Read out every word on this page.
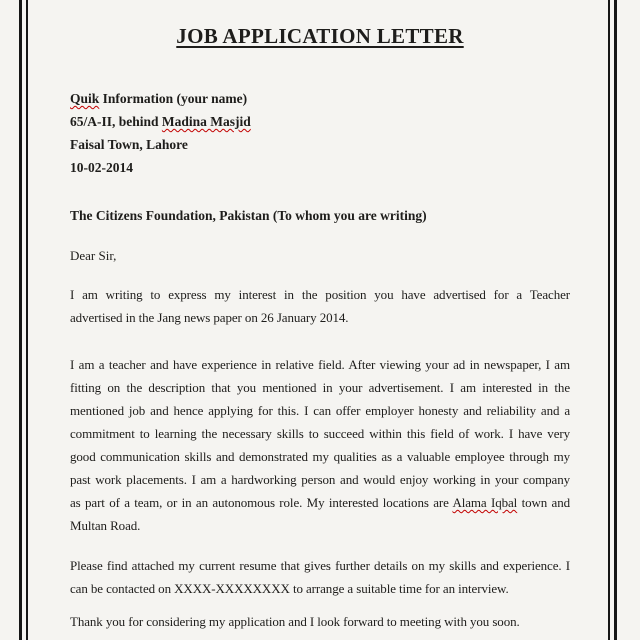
JOB APPLICATION LETTER
Quik Information (your name)
65/A-II, behind Madina Masjid
Faisal Town, Lahore
10-02-2014
The Citizens Foundation, Pakistan (To whom you are writing)
Dear Sir,
I am writing to express my interest in the position you have advertised for a Teacher
advertised in the Jang news paper on 26 January 2014.
I am a teacher and have experience in relative field. After viewing your ad in newspaper, I am
fitting on the description that you mentioned in your advertisement. I am interested in the
mentioned job and hence applying for this. I can offer employer honesty and reliability and a
commitment to learning the necessary skills to succeed within this field of work. I have very
good communication skills and demonstrated my qualities as a valuable employee through my
past work placements. I am a hardworking person and would enjoy working in your company
as part of a team, or in an autonomous role. My interested locations are Alama Iqbal town and
Multan Road.
Please find attached my current resume that gives further details on my skills and experience. I
can be contacted on XXXX-XXXXXXXX to arrange a suitable time for an interview.
Thank you for considering my application and I look forward to meeting with you soon.
